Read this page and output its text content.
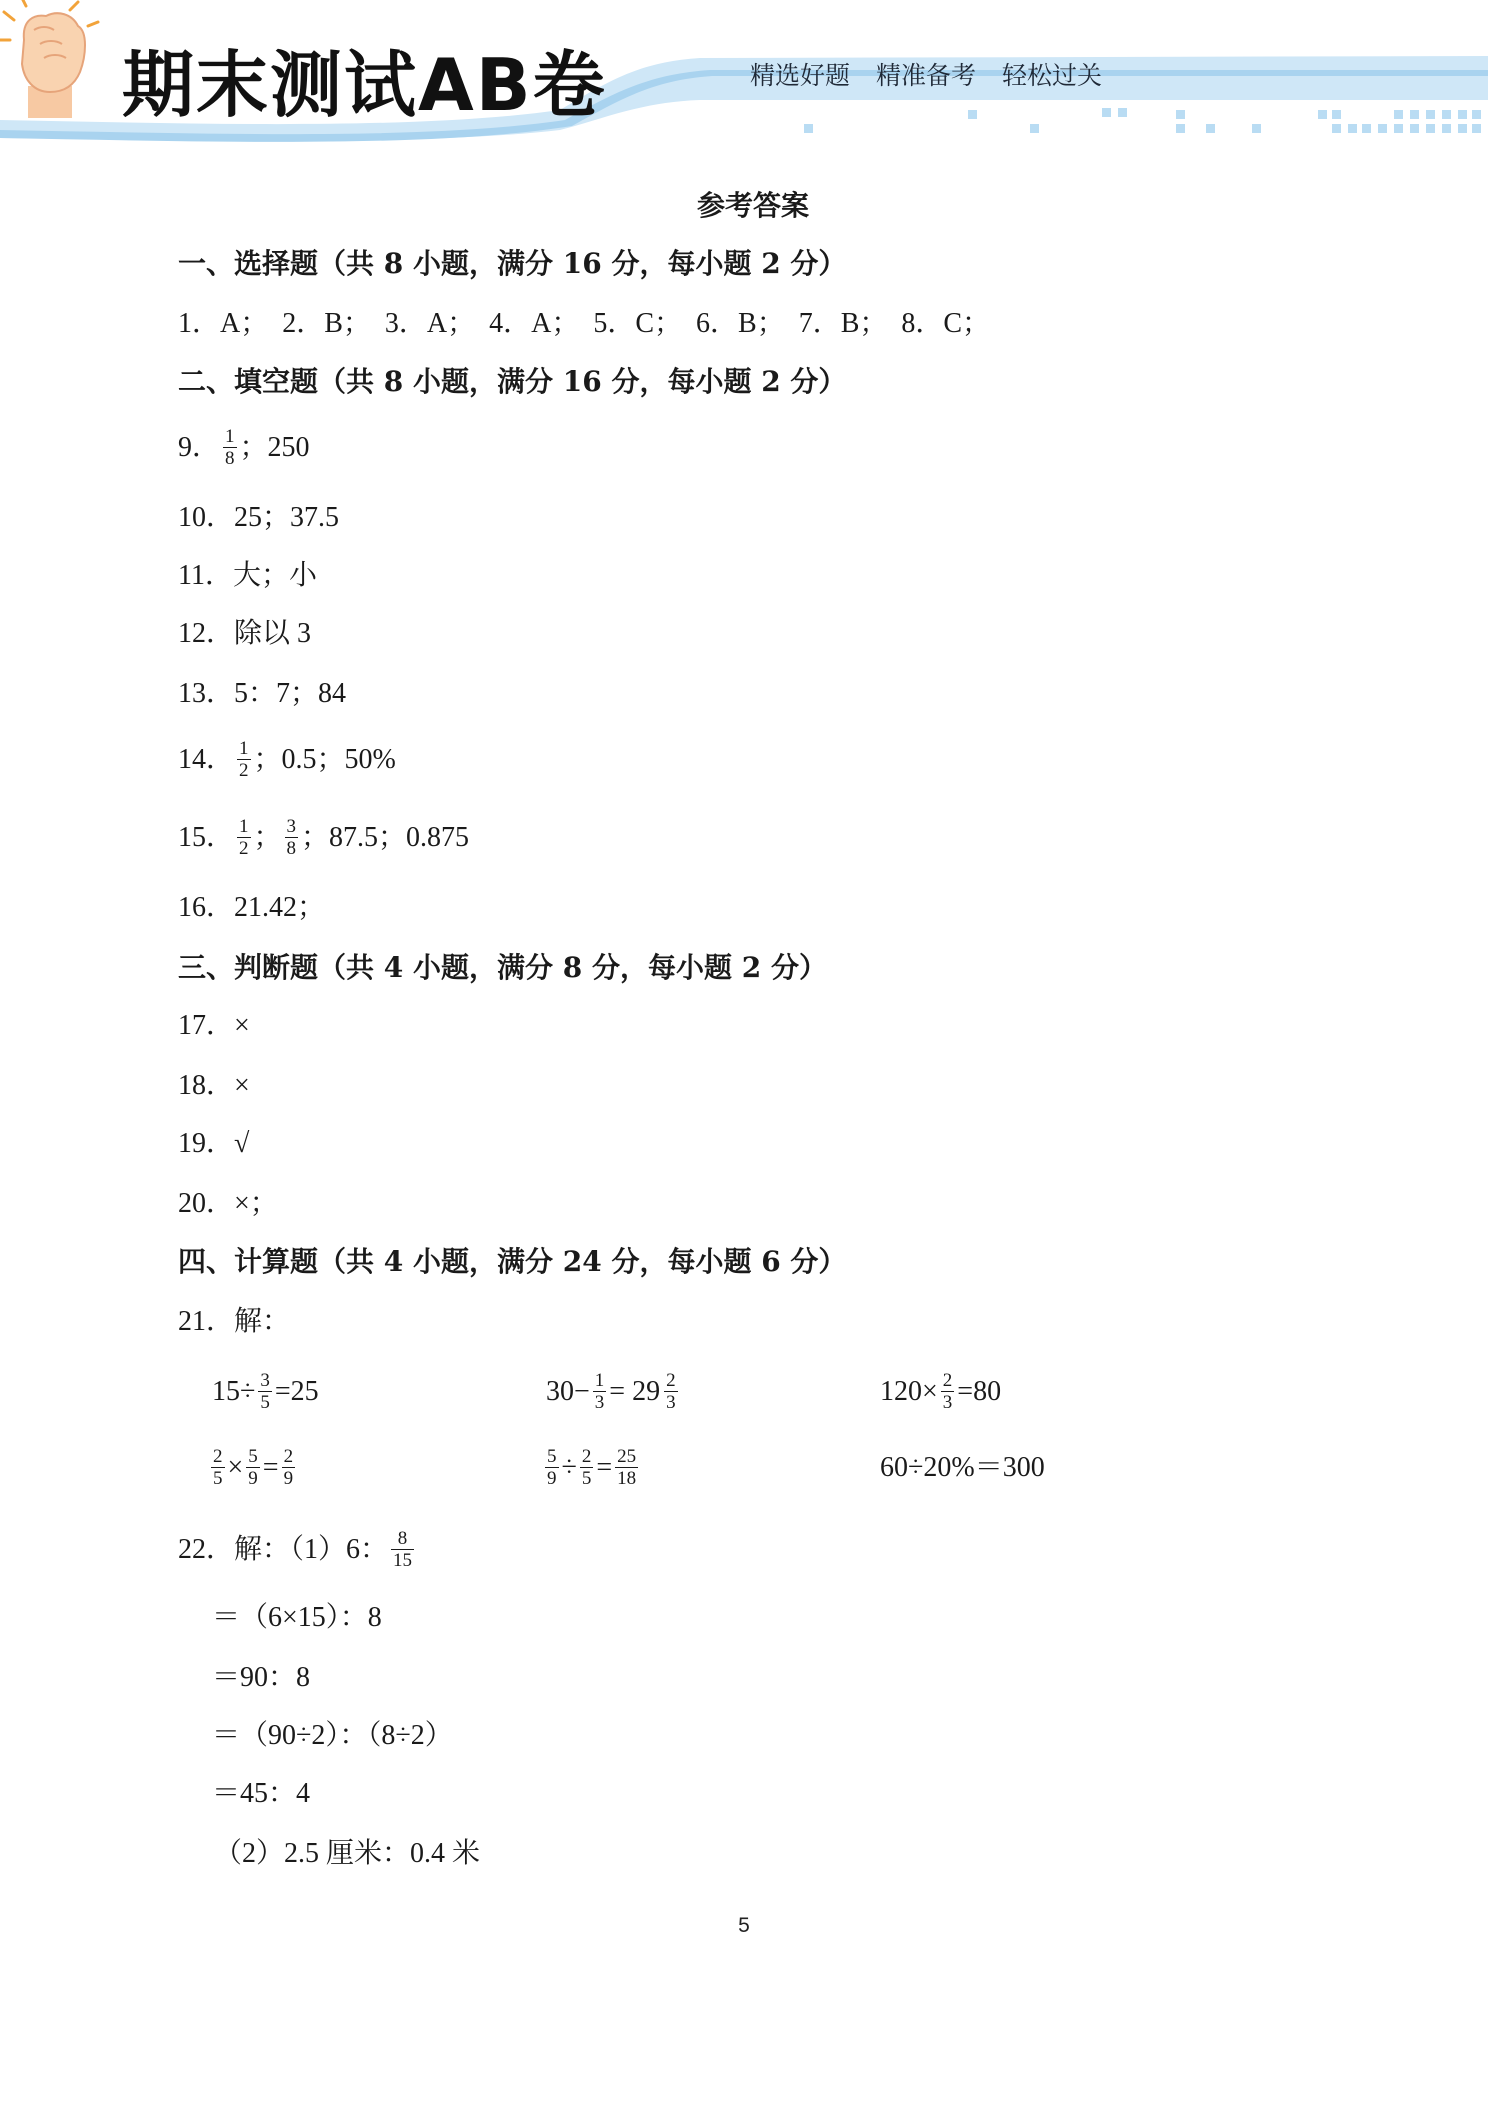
期末测试AB卷	精选好题 精准备考 轻松过关
参考答案
一、选择题（共 8 小题，满分 16 分，每小题 2 分）
1．A；　2．B；　3．A；　4．A；　5．C；　6．B；　7．B；　8．C；
二、填空题（共 8 小题，满分 16 分，每小题 2 分）
9． $\frac{1}{8}$ ；250
10．25；37.5
11．大；小
12．除以 3
13．5：7；84
14． $\frac{1}{2}$ ；0.5；50%
15． $\frac{1}{2}$ ； $\frac{3}{8}$ ；87.5；0.875
16．21.42；
三、判断题（共 4 小题，满分 8 分，每小题 2 分）
17．×
18．×
19．√
20．×；
四、计算题（共 4 小题，满分 24 分，每小题 6 分）
21．解：
$15\div \frac{3}{5} =25$	$30- \frac{1}{3} = 29 \frac{2}{3}$	$120\times \frac{2}{3} =80$
$\frac{2}{5} \times \frac{5}{9} = \frac{2}{9}$	$\frac{5}{9} \div \frac{2}{5} = \frac{25}{18}$	60÷20%＝300
22．解：（1）6： $\frac{8}{15}$
＝（6×15）：8
＝90：8
＝（90÷2）：（8÷2）
＝45：4
（2）2.5 厘米：0.4 米
5
